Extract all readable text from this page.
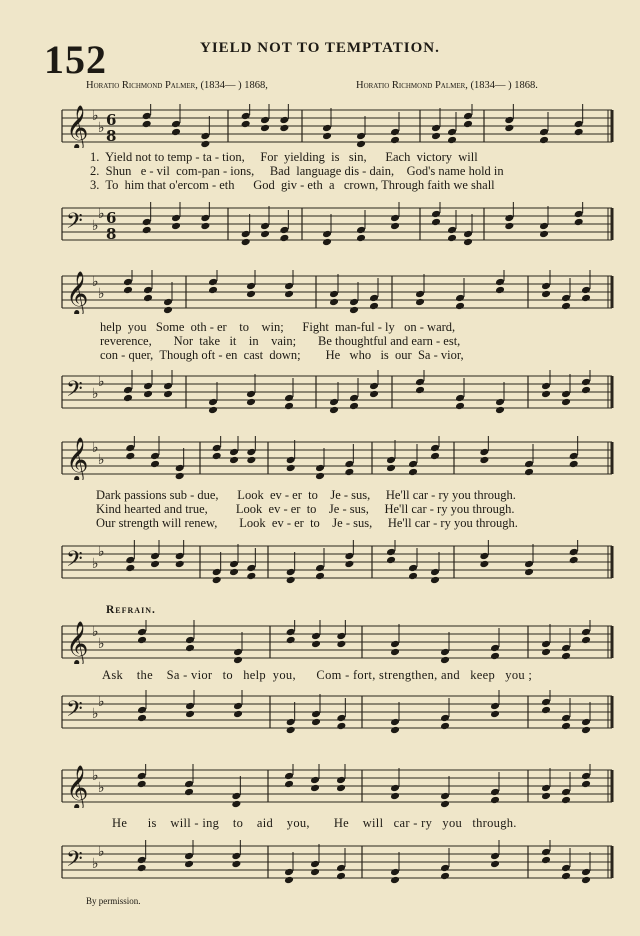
152	YIELD NOT TO TEMPTATION.
Horatio Richmond Palmer, (1834— ) 1868,	Horatio Richmond Palmer, (1834— ) 1868.
𝄞 ♭
♭ 6
8
1.  Yield not to temp - ta - tion,     For  yielding  is   sin,      Each  victory  will
2.  Shun   e - vil  com-pan - ions,     Bad  language dis - dain,    God's name hold in
3.  To  him that o'ercom - eth      God  giv - eth  a   crown, Through faith we shall
𝄢 ♭
♭ 6
8
𝄞 ♭
♭
help  you   Some  oth - er    to    win;      Fight  man-ful - ly   on - ward,
reverence,       Nor  take   it    in    vain;       Be thoughtful and earn - est,
con - quer,  Though oft - en  cast  down;        He   who   is  our  Sa - vior,
𝄢 ♭
♭
𝄞 ♭
♭
Dark passions sub - due,      Look  ev - er  to    Je - sus,     He'll car - ry you through.
Kind hearted and true,         Look  ev - er  to    Je - sus,     He'll car - ry you through.
Our strength will renew,       Look  ev - er  to    Je - sus,     He'll car - ry you through.
𝄢 ♭
♭
Refrain.
𝄞 ♭
♭
Ask    the    Sa - vior   to   help  you,      Com - fort, strengthen, and   keep   you ;
𝄢 ♭
♭
𝄞 ♭
♭
He      is    will - ing    to    aid    you,       He    will   car - ry   you   through.
𝄢 ♭
♭
By permission.
